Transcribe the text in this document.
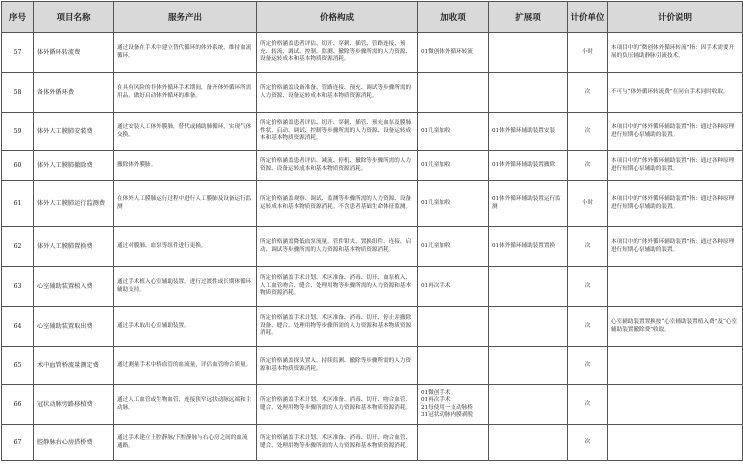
序号	项目名称	服务产出	价格构成	加收项	扩展项	计价单位	计价说明
57	体外循环转流费	通过设备在手术中建立替代循环的体外系统，维持血流循环。	所定价格涵盖患者评估、切开、穿刺、插管、管路连接、预充、转流、调试、控制、监测、撤除等步骤所需的人力资源、设备运转成本和基本物质资源消耗。	01微创体外循环转流		小时	本项目中的“微创体外循环转流”指：因手术需要开展的负压辅助静脉引流技术。
58	备体外循环费	在具有风险的非体外循环手术期间，备齐体外循环所需用品，做好启动体外循环的准备。	所定价格涵盖设备准备、管路连接、预充、调试等步骤所需的人力资源、设备运转成本和基本物质资源消耗。			次	不可与“体外循环转流费”在同台手术同时收取。
59	体外人工膜肺安装费	通过安装人工体外膜肺，替代或辅助肺循环，实现气体交换。	所定价格涵盖患者评估、切开、穿刺、插管、预充血泵及膜肺性状、启动、调试、控制等步骤所需的人力资源、设备运转成本和基本物质资源消耗。	01儿童加收	01体外循环辅助装置安装	次	本项目中的“体外循环辅助装置”指：通过各种原理进行短期心泵辅助的装置。
60	体外人工膜肺撤除费	撤除体外膜肺。	所定价格涵盖患者评估、减流、停机、撤除等步骤所需的人力资源、设备运转成本和基本物质资源消耗。	01儿童加收	01体外循环辅助装置撤除	次	本项目中的“体外循环辅助装置”指：通过各种原理进行短期心泵辅助的装置。
61	体外人工膜肺运行监测费	在体外人工膜肺运行过程中进行人工膜肺及设备运行监测	所定价格涵盖观察、调试、监测等步骤所需的人力资源、设备运转成本和基本物质资源消耗。不含患者基础生命体征监测。	01儿童加收	01体外循环辅助装置运行监测	小时	本项目中的“体外循环辅助装置”指：通过各种原理进行短期心泵辅助的装置。
62	体外人工膜肺置换费	通过对膜肺、血泵等组件进行更换。	所定价格涵盖降低血泵流量，管件钳夹、置换组件、连接、启动、调试等步骤所需的人力资源和基本物质资源消耗。	01儿童加收	01体外循环辅助装置置换	次	本项目中的“体外循环辅助装置”指：通过各种原理进行短期心泵辅助的装置。
63	心室辅助装置植入费	通过手术植入心室辅助装置，进行过渡性或长期体循环辅助支持。	所定价格涵盖手术计划、术区准备、消毒、切开、血泵植入、人工血管吻合、缝合、处理用物等步骤所需的人力资源和基本物质资源消耗。	01再次手术		次	
64	心室辅助装置取出费	通过手术取出心室辅助装置。	所定价格涵盖手术计划、术区准备、消毒、切开、停止并撤除设备、缝合、处理用物等步骤所需的人力资源和基本物质资源消耗。			次	心室辅助装置置换按“心室辅助装置植入费”及“心室辅助装置撤除费”收取。
65	术中血管桥流量测定费	通过测量手术中桥血管的血流量，评估血管吻合质量。	所定价格涵盖探头置入、持续监测、撤除等步骤所需的人力资源和基本物质资源消耗。			次	
66	冠状动脉旁路移植费	通过人工血管或生物血管，连接狭窄远状动脉远端和主动脉。	所定价格涵盖手术计划、术区准备、消毒、切开、吻合血管、缝合、处理用物等步骤所需的人力资源和基本物质资源消耗。	01微创手术
01再次手术
21每使用一支动脉桥
31冠状动脉内膜剥脱		次	
67	腔静脉右心房搭桥费	通过手术建立上腔静脉/下腔静脉与右心房之间的血流通路。	所定价格涵盖手术计划、术区准备、消毒、切开、吻合血管、缝合、处理用物等步骤所需的人力资源和基本物质资源消耗。			次	
